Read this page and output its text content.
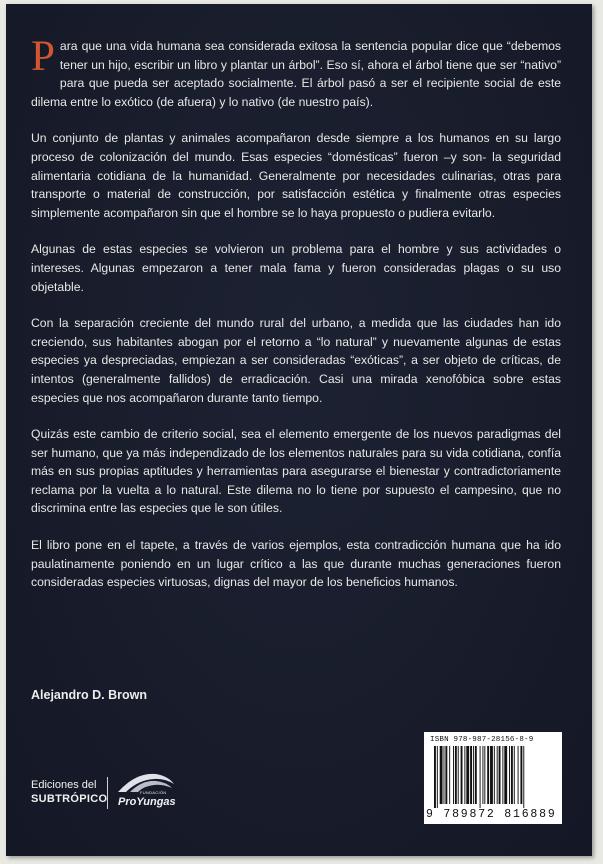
Para que una vida humana sea considerada exitosa la sentencia popular dice que “debemos tener un hijo, escribir un libro y plantar un árbol”. Eso sí, ahora el árbol tiene que ser “nativo” para que pueda ser aceptado socialmente. El árbol pasó a ser el recipiente social de este dilema entre lo exótico (de afuera) y lo nativo (de nuestro país).

Un conjunto de plantas y animales acompañaron desde siempre a los humanos en su largo proceso de colonización del mundo. Esas especies “domésticas” fueron –y son- la seguridad alimentaria cotidiana de la humanidad. Generalmente por necesidades culinarias, otras para transporte o material de construcción, por satisfacción estética y finalmente otras especies simplemente acompañaron sin que el hombre se lo haya propuesto o pudiera evitarlo.

Algunas de estas especies se volvieron un problema para el hombre y sus actividades o intereses. Algunas empezaron a tener mala fama y fueron consideradas plagas o su uso objetable.

Con la separación creciente del mundo rural del urbano, a medida que las ciudades han ido creciendo, sus habitantes abogan por el retorno a “lo natural” y nuevamente algunas de estas especies ya despreciadas, empiezan a ser consideradas “exóticas”, a ser objeto de críticas, de intentos (generalmente fallidos) de erradicación. Casi una mirada xenofóbica sobre estas especies que nos acompañaron durante tanto tiempo.

Quizás este cambio de criterio social, sea el elemento emergente de los nuevos paradigmas del ser humano, que ya más independizado de los elementos naturales para su vida cotidiana, confía más en sus propias aptitudes y herramientas para asegurarse el bienestar y contradictoriamente reclama por la vuelta a lo natural. Este dilema no lo tiene por supuesto el campesino, que no discrimina entre las especies que le son útiles.

El libro pone en el tapete, a través de varios ejemplos, esta contradicción humana que ha ido paulatinamente poniendo en un lugar crítico a las que durante muchas generaciones fueron consideradas especies virtuosas, dignas del mayor de los beneficios humanos.

Alejandro D. Brown
ISBN 978-987-28156-8-9
9 789872 816889
Ediciones del
SUBTRÓPICO
FUNDACIÓN
ProYungas
